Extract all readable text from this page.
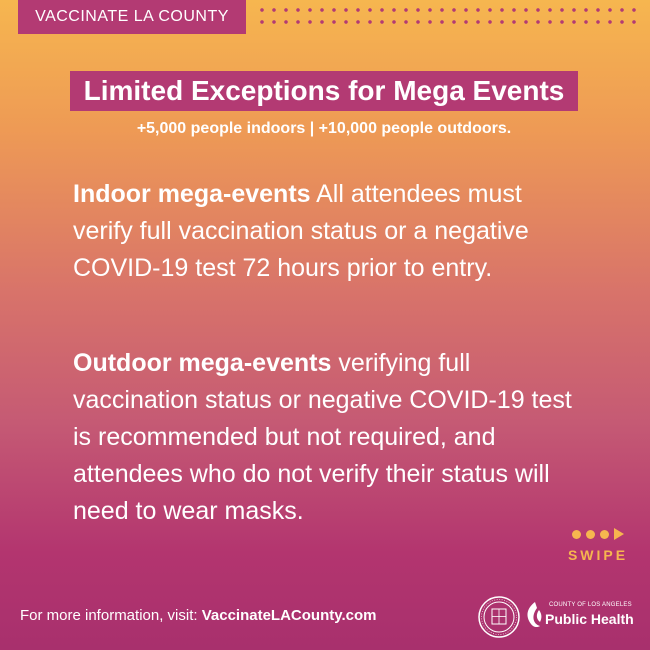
VACCINATE LA COUNTY
Limited Exceptions for Mega Events
+5,000 people indoors | +10,000 people outdoors.
Indoor mega-events All attendees must verify full vaccination status or a negative COVID-19 test 72 hours prior to entry.
Outdoor mega-events verifying full vaccination status or negative COVID-19 test is recommended but not required, and attendees who do not verify their status will need to wear masks.
SWIPE
For more information, visit: VaccinateLACounty.com
COUNTY OF LOS ANGELES
Public Health
